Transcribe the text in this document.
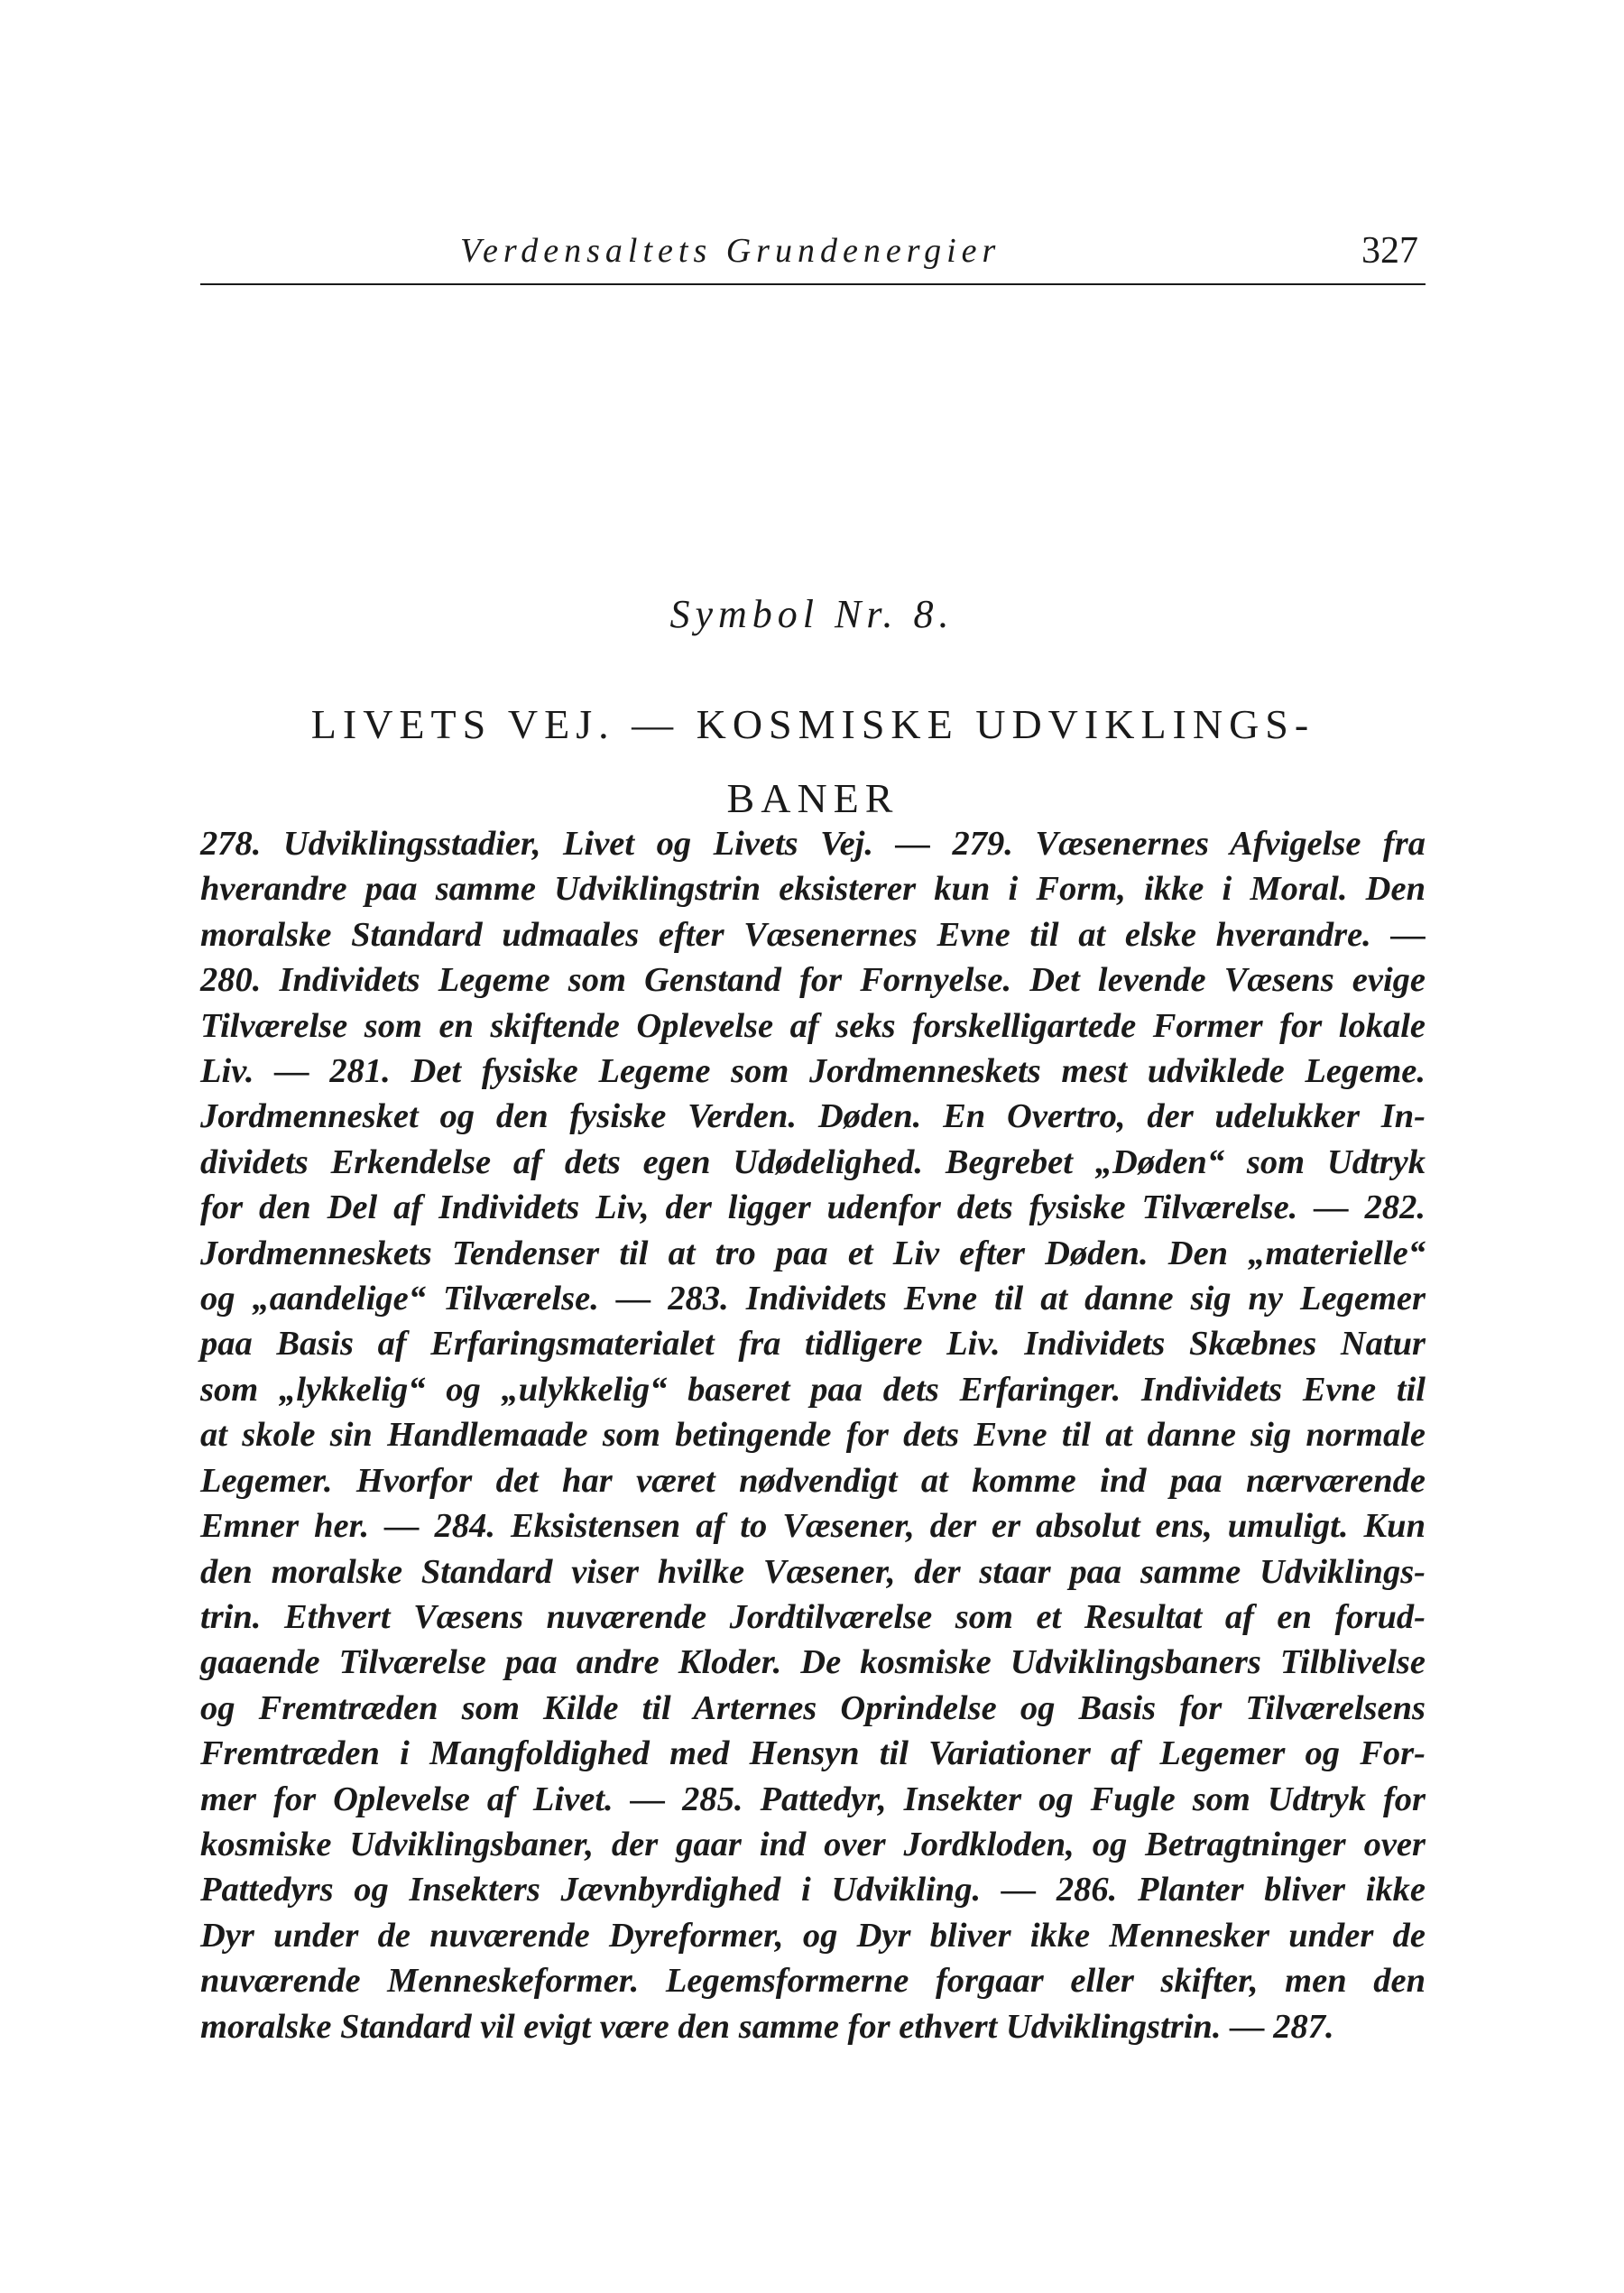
Verdensaltets Grundenergier	327
Symbol Nr. 8.
LIVETS VEJ. — KOSMISKE UDVIKLINGS-
BANER
278. Udviklingsstadier, Livet og Livets Vej. — 279. Væsenernes Afvigelse fra
hverandre paa samme Udviklingstrin eksisterer kun i Form, ikke i Moral. Den
moralske Standard udmaales efter Væsenernes Evne til at elske hverandre. —
280. Individets Legeme som Genstand for Fornyelse. Det levende Væsens evige
Tilværelse som en skiftende Oplevelse af seks forskelligartede Former for lokale
Liv. — 281. Det fysiske Legeme som Jordmenneskets mest udviklede Legeme.
Jordmennesket og den fysiske Verden. Døden. En Overtro, der udelukker In-
dividets Erkendelse af dets egen Udødelighed. Begrebet „Døden“ som Udtryk
for den Del af Individets Liv, der ligger udenfor dets fysiske Tilværelse. — 282.
Jordmenneskets Tendenser til at tro paa et Liv efter Døden. Den „materielle“
og „aandelige“ Tilværelse. — 283. Individets Evne til at danne sig ny Legemer
paa Basis af Erfaringsmaterialet fra tidligere Liv. Individets Skæbnes Natur
som „lykkelig“ og „ulykkelig“ baseret paa dets Erfaringer. Individets Evne til
at skole sin Handlemaade som betingende for dets Evne til at danne sig normale
Legemer. Hvorfor det har været nødvendigt at komme ind paa nærværende
Emner her. — 284. Eksistensen af to Væsener, der er absolut ens, umuligt. Kun
den moralske Standard viser hvilke Væsener, der staar paa samme Udviklings-
trin. Ethvert Væsens nuværende Jordtilværelse som et Resultat af en forud-
gaaende Tilværelse paa andre Kloder. De kosmiske Udviklingsbaners Tilblivelse
og Fremtræden som Kilde til Arternes Oprindelse og Basis for Tilværelsens
Fremtræden i Mangfoldighed med Hensyn til Variationer af Legemer og For-
mer for Oplevelse af Livet. — 285. Pattedyr, Insekter og Fugle som Udtryk for
kosmiske Udviklingsbaner, der gaar ind over Jordkloden, og Betragtninger over
Pattedyrs og Insekters Jævnbyrdighed i Udvikling. — 286. Planter bliver ikke
Dyr under de nuværende Dyreformer, og Dyr bliver ikke Mennesker under de
nuværende Menneskeformer. Legemsformerne forgaar eller skifter, men den
moralske Standard vil evigt være den samme for ethvert Udviklingstrin. — 287.
